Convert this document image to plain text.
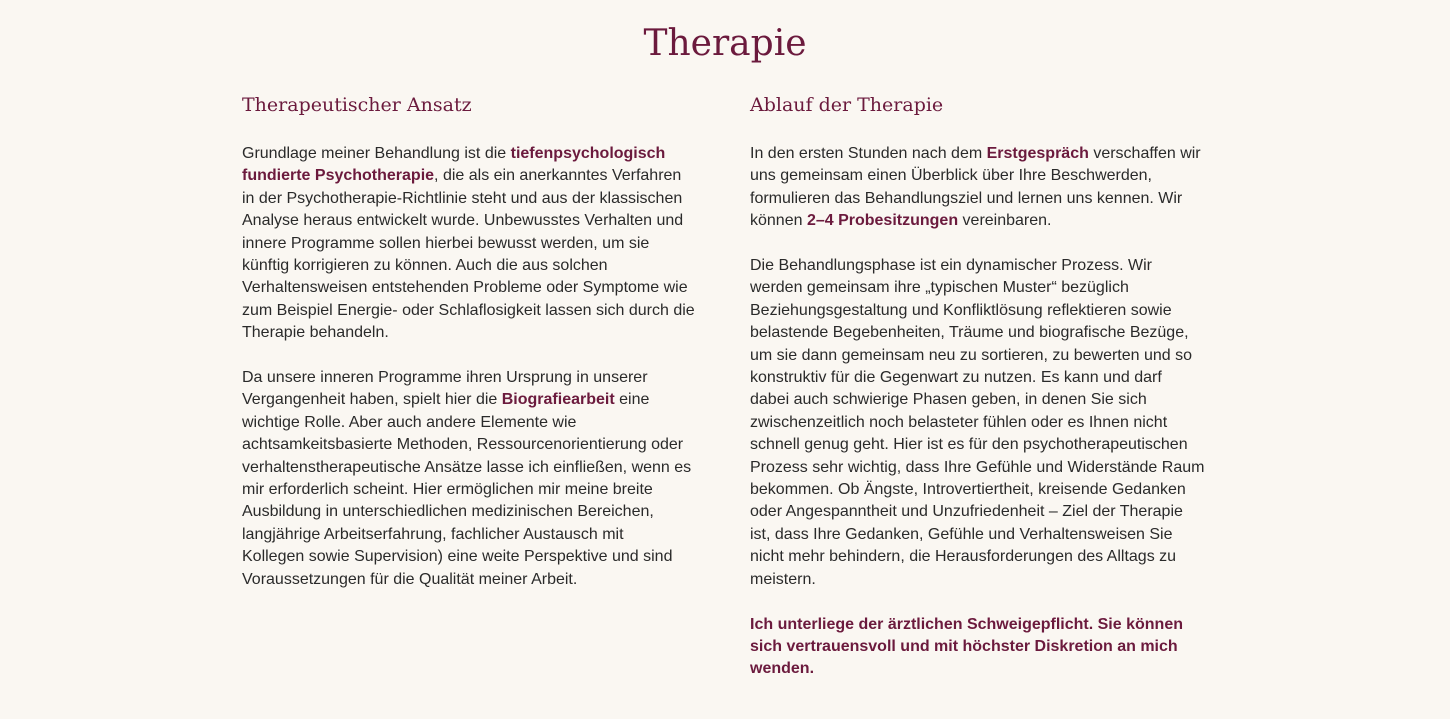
Therapie
Therapeutischer Ansatz

Grundlage meiner Behandlung ist die tiefenpsychologisch
fundierte Psychotherapie, die als ein anerkanntes Verfahren
in der Psychotherapie-Richtlinie steht und aus der klassischen
Analyse heraus entwickelt wurde. Unbewusstes Verhalten und
innere Programme sollen hierbei bewusst werden, um sie
künftig korrigieren zu können. Auch die aus solchen
Verhaltensweisen entstehenden Probleme oder Symptome wie
zum Beispiel Energie- oder Schlaflosigkeit lassen sich durch die
Therapie behandeln.

Da unsere inneren Programme ihren Ursprung in unserer
Vergangenheit haben, spielt hier die Biografiearbeit eine
wichtige Rolle. Aber auch andere Elemente wie
achtsamkeitsbasierte Methoden, Ressourcenorientierung oder
verhaltenstherapeutische Ansätze lasse ich einfließen, wenn es
mir erforderlich scheint. Hier ermöglichen mir meine breite
Ausbildung in unterschiedlichen medizinischen Bereichen,
langjährige Arbeitserfahrung, fachlicher Austausch mit
Kollegen sowie Supervision) eine weite Perspektive und sind
Voraussetzungen für die Qualität meiner Arbeit.

Ablauf der Therapie

In den ersten Stunden nach dem Erstgespräch verschaffen wir
uns gemeinsam einen Überblick über Ihre Beschwerden,
formulieren das Behandlungsziel und lernen uns kennen. Wir
können 2–4 Probesitzungen vereinbaren.

Die Behandlungsphase ist ein dynamischer Prozess. Wir
werden gemeinsam ihre „typischen Muster“ bezüglich
Beziehungsgestaltung und Konfliktlösung reflektieren sowie
belastende Begebenheiten, Träume und biografische Bezüge,
um sie dann gemeinsam neu zu sortieren, zu bewerten und so
konstruktiv für die Gegenwart zu nutzen. Es kann und darf
dabei auch schwierige Phasen geben, in denen Sie sich
zwischenzeitlich noch belasteter fühlen oder es Ihnen nicht
schnell genug geht. Hier ist es für den psychotherapeutischen
Prozess sehr wichtig, dass Ihre Gefühle und Widerstände Raum
bekommen. Ob Ängste, Introvertiertheit, kreisende Gedanken
oder Angespanntheit und Unzufriedenheit – Ziel der Therapie
ist, dass Ihre Gedanken, Gefühle und Verhaltensweisen Sie
nicht mehr behindern, die Herausforderungen des Alltags zu
meistern.

Ich unterliege der ärztlichen Schweigepflicht. Sie können
sich vertrauensvoll und mit höchster Diskretion an mich
wenden.
